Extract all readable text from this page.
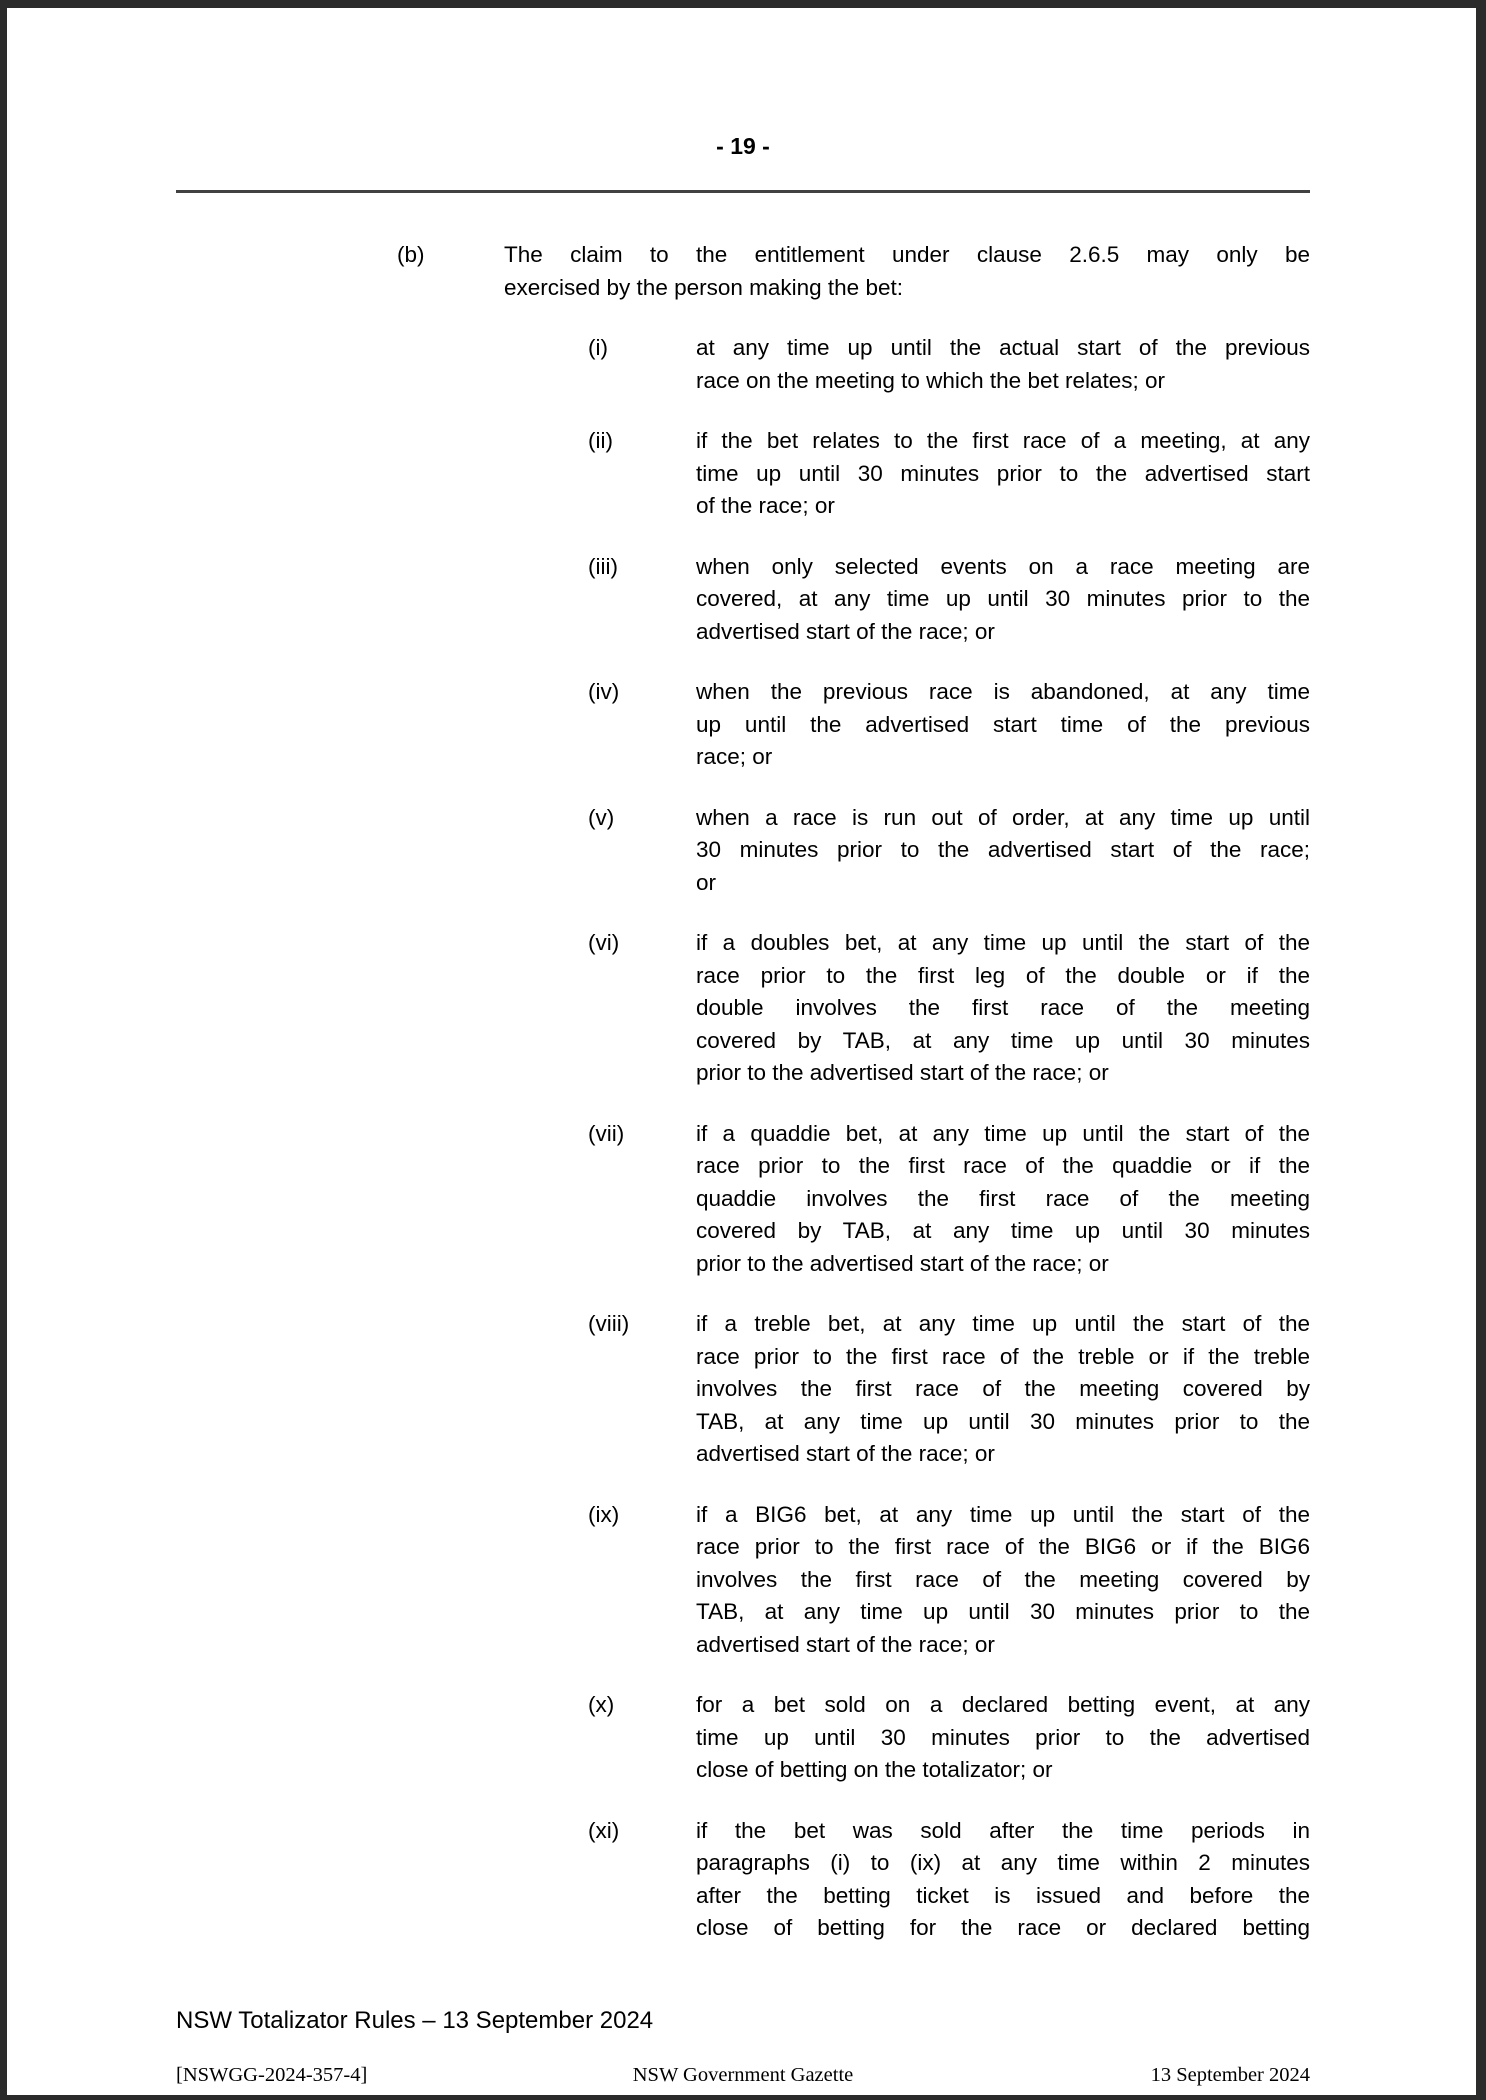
- 19 -
(b)	The claim to the entitlement under clause 2.6.5 may only be
exercised by the person making the bet:
(i)	at any time up until the actual start of the previous
race on the meeting to which the bet relates; or
(ii)	if the bet relates to the first race of a meeting, at any
time up until 30 minutes prior to the advertised start
of the race; or
(iii)	when only selected events on a race meeting are
covered, at any time up until 30 minutes prior to the
advertised start of the race; or
(iv)	when the previous race is abandoned, at any time
up until the advertised start time of the previous
race; or
(v)	when a race is run out of order, at any time up until
30 minutes prior to the advertised start of the race;
or
(vi)	if a doubles bet, at any time up until the start of the
race prior to the first leg of the double or if the
double involves the first race of the meeting
covered by TAB, at any time up until 30 minutes
prior to the advertised start of the race; or
(vii)	if a quaddie bet, at any time up until the start of the
race prior to the first race of the quaddie or if the
quaddie involves the first race of the meeting
covered by TAB, at any time up until 30 minutes
prior to the advertised start of the race; or
(viii)	if a treble bet, at any time up until the start of the
race prior to the first race of the treble or if the treble
involves the first race of the meeting covered by
TAB, at any time up until 30 minutes prior to the
advertised start of the race; or
(ix)	if a BIG6 bet, at any time up until the start of the
race prior to the first race of the BIG6 or if the BIG6
involves the first race of the meeting covered by
TAB, at any time up until 30 minutes prior to the
advertised start of the race; or
(x)	for a bet sold on a declared betting event, at any
time up until 30 minutes prior to the advertised
close of betting on the totalizator; or
(xi)	if the bet was sold after the time periods in
paragraphs (i) to (ix) at any time within 2 minutes
after the betting ticket is issued and before the
close of betting for the race or declared betting
NSW Totalizator Rules – 13 September 2024
[NSWGG-2024-357-4]	NSW Government Gazette	13 September 2024
